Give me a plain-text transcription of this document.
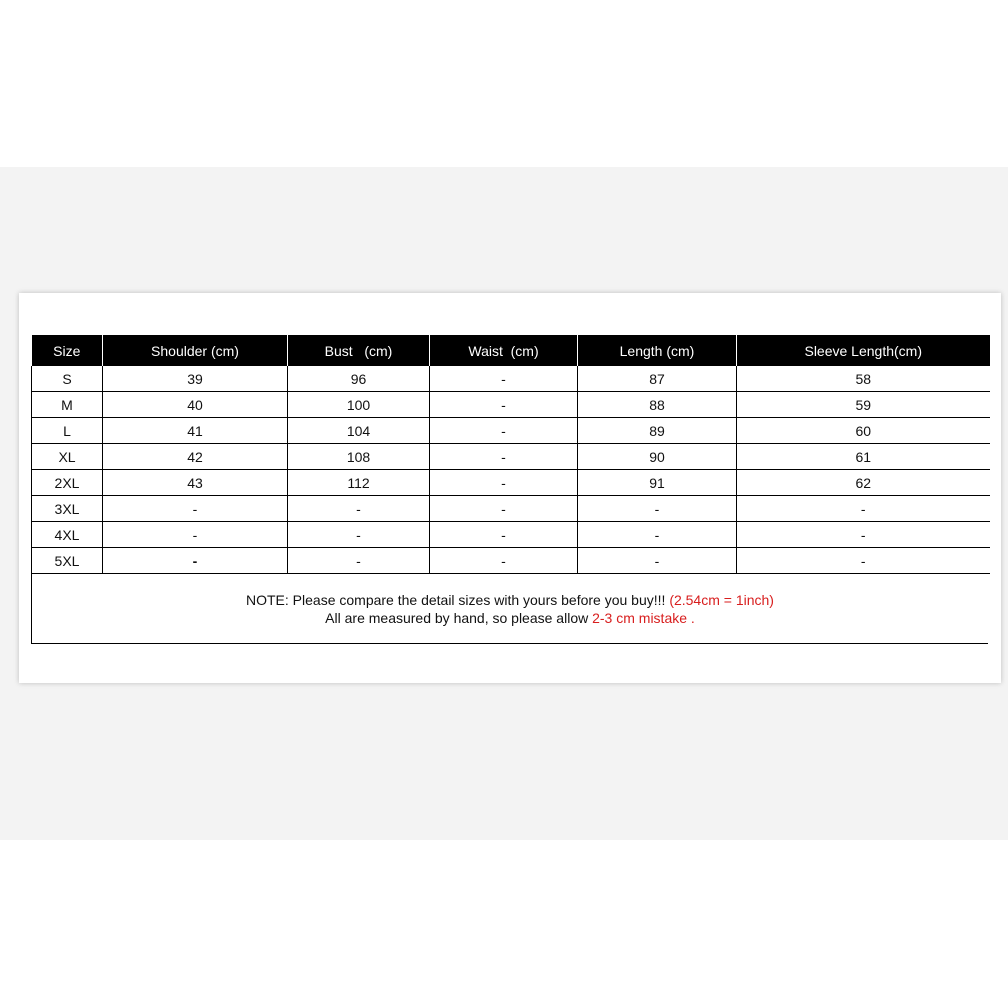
Size	Shoulder (cm)	Bust   (cm)	Waist  (cm)	Length (cm)	Sleeve Length(cm)
S	39	96	-	87	58
M	40	100	-	88	59
L	41	104	-	89	60
XL	42	108	-	90	61
2XL	43	112	-	91	62
3XL	-	-	-	-	-
4XL	-	-	-	-	-
5XL	-	-	-	-	-
NOTE: Please compare the detail sizes with yours before you buy!!! (2.54cm = 1inch)
All are measured by hand, so please allow 2-3 cm mistake .
